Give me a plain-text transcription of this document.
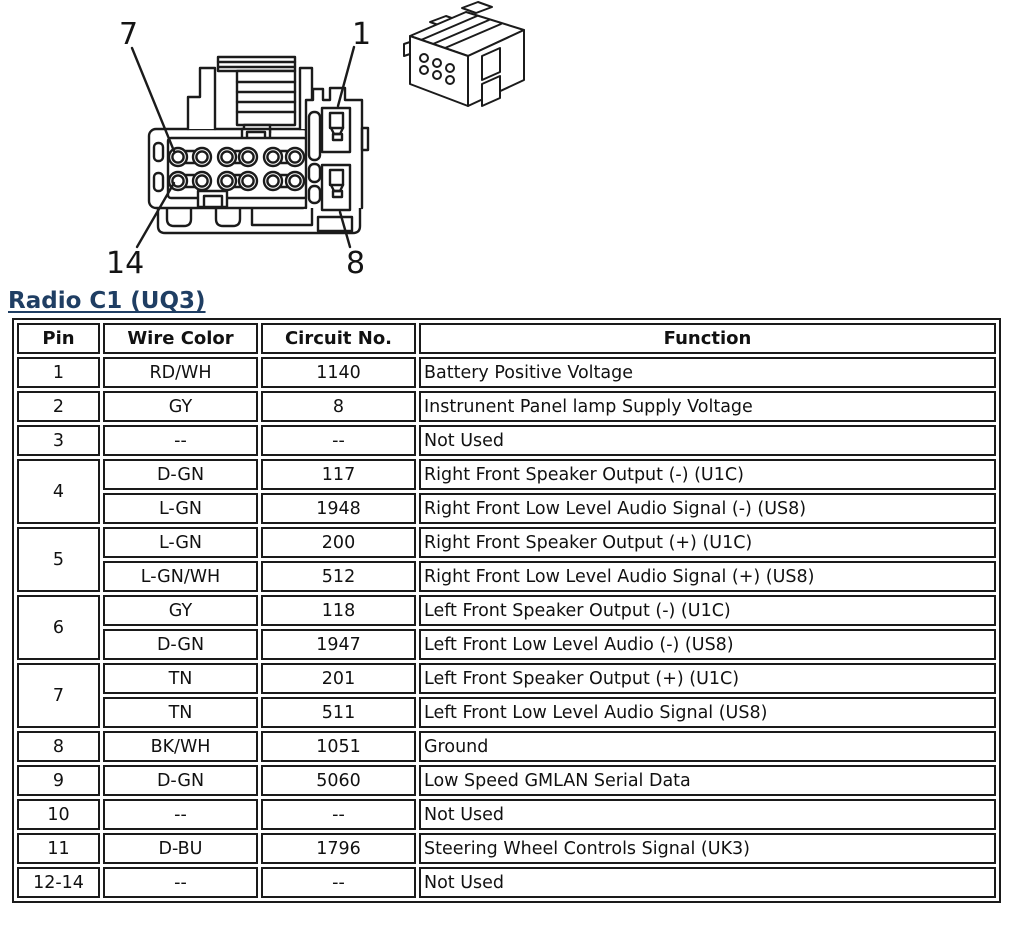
7	1
14	8
Radio C1 (UQ3)
Pin	Wire Color	Circuit No.	Function
1	RD/WH	1140	Battery Positive Voltage
2	GY	8	Instrunent Panel lamp Supply Voltage
3	--	--	Not Used
4	D-GN	117	Right Front Speaker Output (-) (U1C)
	L-GN	1948	Right Front Low Level Audio Signal (-) (US8)
5	L-GN	200	Right Front Speaker Output (+) (U1C)
	L-GN/WH	512	Right Front Low Level Audio Signal (+) (US8)
6	GY	118	Left Front Speaker Output (-) (U1C)
	D-GN	1947	Left Front Low Level Audio (-) (US8)
7	TN	201	Left Front Speaker Output (+) (U1C)
	TN	511	Left Front Low Level Audio Signal (US8)
8	BK/WH	1051	Ground
9	D-GN	5060	Low Speed GMLAN Serial Data
10	--	--	Not Used
11	D-BU	1796	Steering Wheel Controls Signal (UK3)
12-14	--	--	Not Used
